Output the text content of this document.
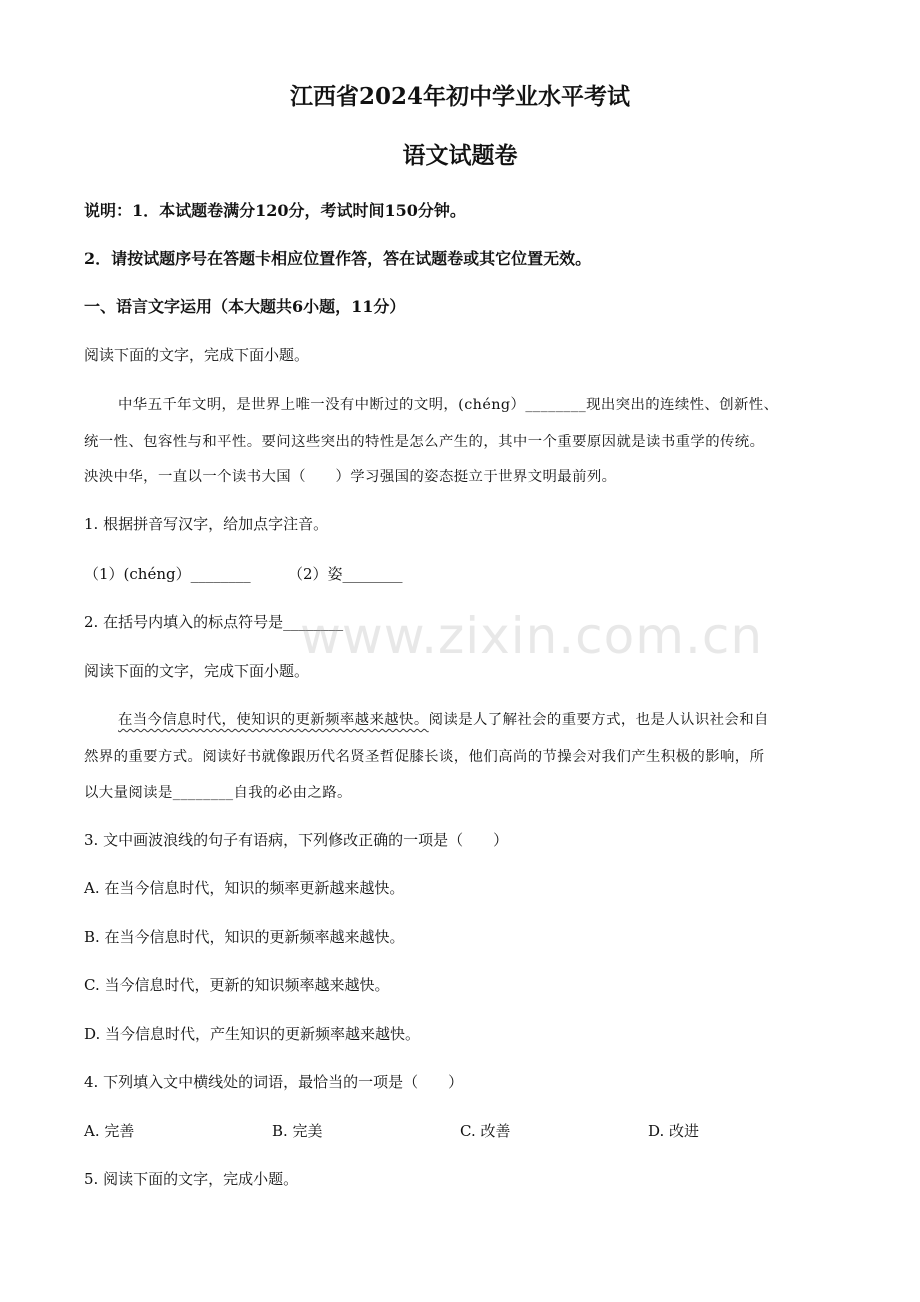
江西省2024年初中学业水平考试
语文试题卷
说明：1．本试题卷满分120分，考试时间150分钟。
2．请按试题序号在答题卡相应位置作答，答在试题卷或其它位置无效。
一、语言文字运用（本大题共6小题，11分）
阅读下面的文字，完成下面小题。
中华五千年文明，是世界上唯一没有中断过的文明，(chéng）________现出突出的连续性、创新性、
统一性、包容性与和平性。要问这些突出的特性是怎么产生的，其中一个重要原因就是读书重学的传统。
泱泱中华，一直以一个读书大国（　　）学习强国的姿态挺立于世界文明最前列。
1. 根据拼音写汉字，给加点字注音。
（1）(chéng）________ （2）姿________
2. 在括号内填入的标点符号是________
阅读下面的文字，完成下面小题。
在当今信息时代，使知识的更新频率越来越快。阅读是人了解社会的重要方式，也是人认识社会和自
然界的重要方式。阅读好书就像跟历代名贤圣哲促膝长谈，他们高尚的节操会对我们产生积极的影响，所
以大量阅读是________自我的必由之路。
3. 文中画波浪线的句子有语病，下列修改正确的一项是（　　）
A. 在当今信息时代，知识的频率更新越来越快。
B. 在当今信息时代，知识的更新频率越来越快。
C. 当今信息时代，更新的知识频率越来越快。
D. 当今信息时代，产生知识的更新频率越来越快。
4. 下列填入文中横线处的词语，最恰当的一项是（　　）
A. 完善	B. 完美	C. 改善	D. 改进
5. 阅读下面的文字，完成小题。
www.zixin.com.cn
